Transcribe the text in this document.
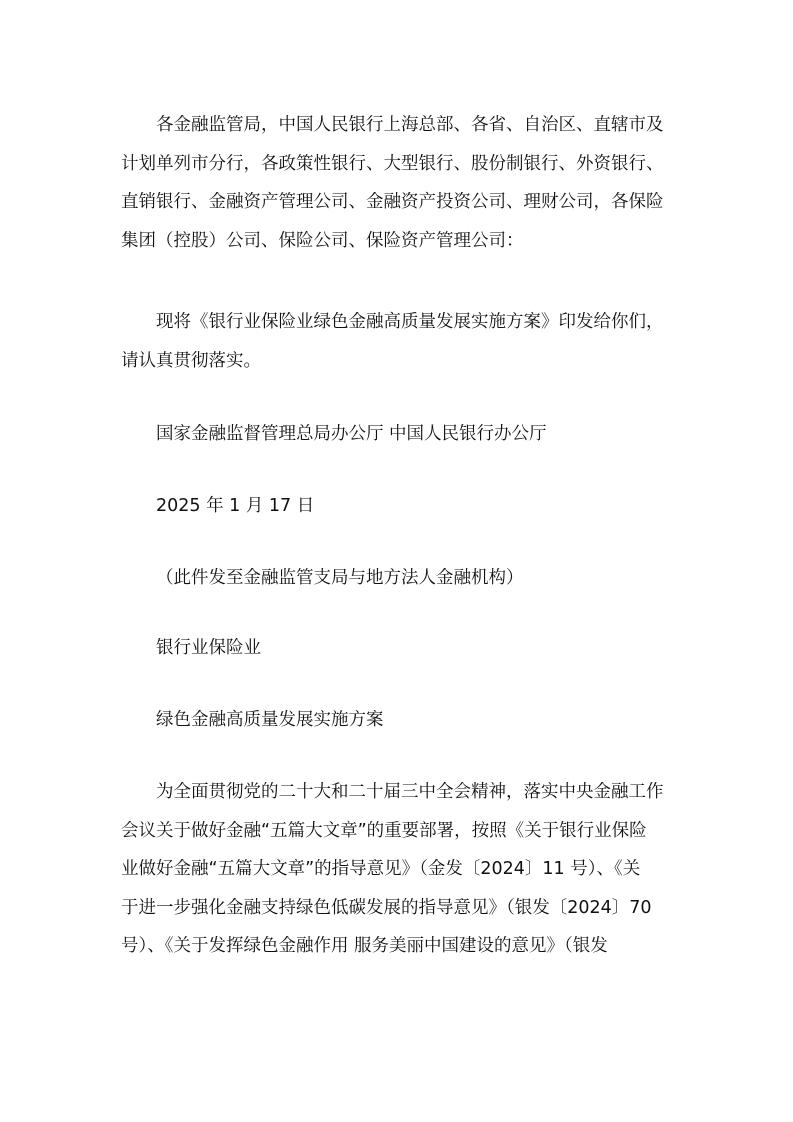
各金融监管局，中国人民银行上海总部、各省、自治区、直辖市及
计划单列市分行，各政策性银行、大型银行、股份制银行、外资银行、
直销银行、金融资产管理公司、金融资产投资公司、理财公司，各保险
集团（控股）公司、保险公司、保险资产管理公司：
现将《银行业保险业绿色金融高质量发展实施方案》印发给你们，
请认真贯彻落实。
国家金融监督管理总局办公厅 中国人民银行办公厅
2025 年 1 月 17 日
（此件发至金融监管支局与地方法人金融机构）
银行业保险业
绿色金融高质量发展实施方案
为全面贯彻党的二十大和二十届三中全会精神，落实中央金融工作
会议关于做好金融“五篇大文章”的重要部署，按照《关于银行业保险
业做好金融“五篇大文章”的指导意见》（金发〔2024〕11 号）、《关
于进一步强化金融支持绿色低碳发展的指导意见》（银发〔2024〕70
号）、《关于发挥绿色金融作用 服务美丽中国建设的意见》（银发
